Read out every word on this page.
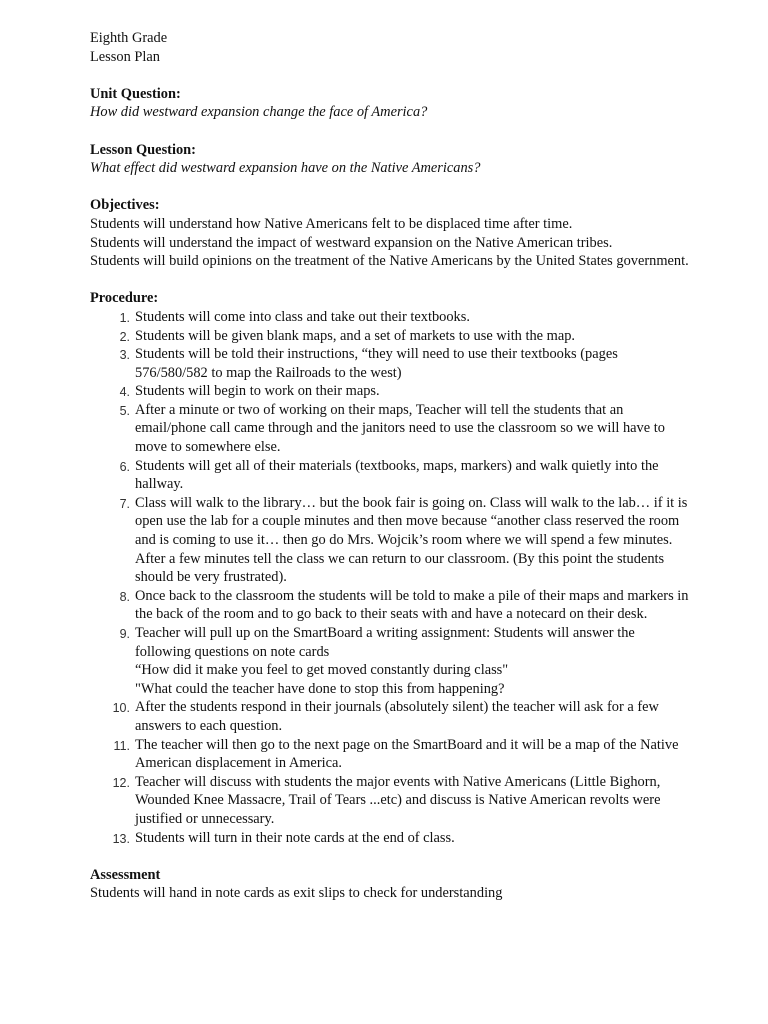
Eighth Grade

Lesson Plan

Unit Question:

How did westward expansion change the face of America?

Lesson Question:

What effect did westward expansion have on the Native Americans?

Objectives:

Students will understand how Native Americans felt to be displaced time after time.

Students will understand the impact of westward expansion on the Native American tribes.

Students will build opinions on the treatment of the Native Americans by the United States government.

Procedure:

1. Students will come into class and take out their textbooks.
2. Students will be given blank maps, and a set of markets to use with the map.
3. Students will be told their instructions, “they will need to use their textbooks (pages 576/580/582 to map the Railroads to the west)
4. Students will begin to work on their maps.
5. After a minute or two of working on their maps, Teacher will tell the students that an email/phone call came through and the janitors need to use the classroom so we will have to move to somewhere else.
6. Students will get all of their materials (textbooks, maps, markers) and walk quietly into the hallway.
7. Class will walk to the library… but the book fair is going on. Class will walk to the lab… if it is open use the lab for a couple minutes and then move because “another class reserved the room and is coming to use it… then go do Mrs. Wojcik’s room where we will spend a few minutes. After a few minutes tell the class we can return to our classroom. (By this point the students should be very frustrated).
8. Once back to the classroom the students will be told to make a pile of their maps and markers in the back of the room and to go back to their seats with and have a notecard on their desk.
9. Teacher will pull up on the SmartBoard a writing assignment: Students will answer the following questions on note cards
“How did it make you feel to get moved constantly during class"
"What could the teacher have done to stop this from happening?
10. After the students respond in their journals (absolutely silent) the teacher will ask for a few answers to each question.
11. The teacher will then go to the next page on the SmartBoard and it will be a map of the Native American displacement in America.
12. Teacher will discuss with students the major events with Native Americans (Little Bighorn, Wounded Knee Massacre, Trail of Tears ...etc) and discuss is Native American revolts were justified or unnecessary.
13. Students will turn in their note cards at the end of class.

Assessment

Students will hand in note cards as exit slips to check for understanding
